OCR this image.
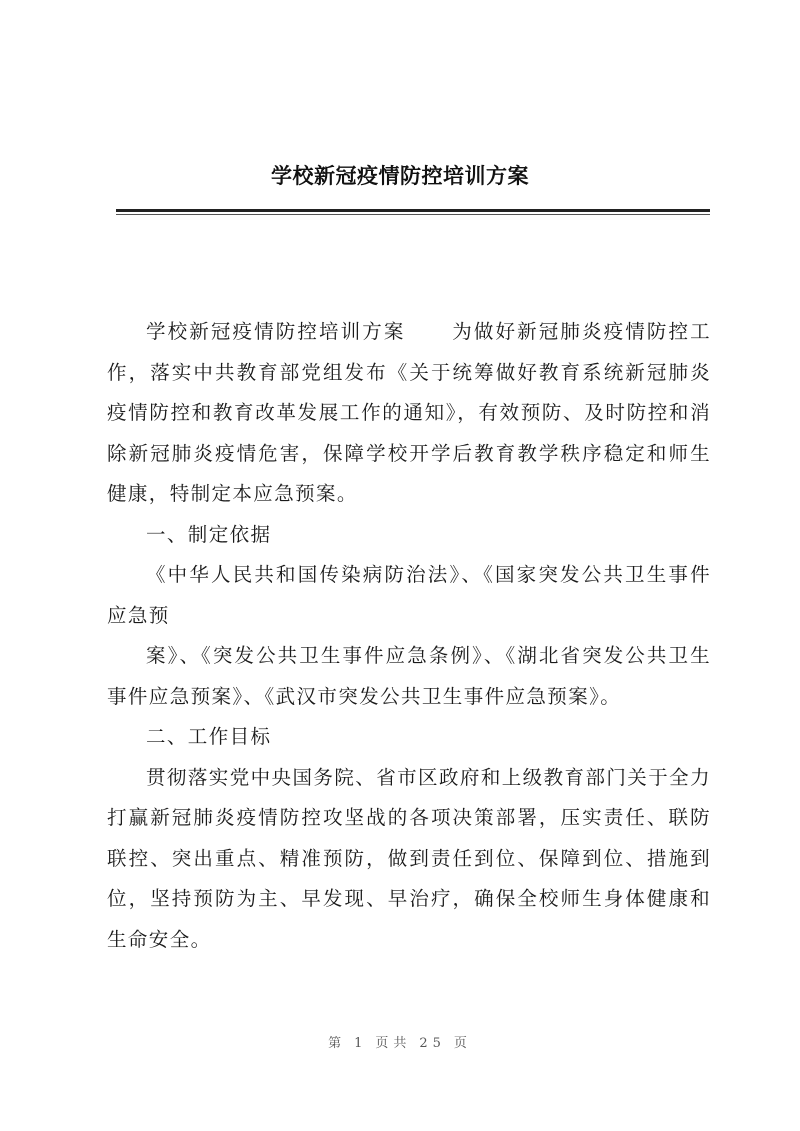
学校新冠疫情防控培训方案

学校新冠疫情防控培训方案 为做好新冠肺炎疫情防控工作，落实中共教育部党组发布《关于统筹做好教育系统新冠肺炎疫情防控和教育改革发展工作的通知》，有效预防、及时防控和消除新冠肺炎疫情危害，保障学校开学后教育教学秩序稳定和师生健康，特制定本应急预案。

一、制定依据

《中华人民共和国传染病防治法》、《国家突发公共卫生事件应急预

案》、《突发公共卫生事件应急条例》、《湖北省突发公共卫生事件应急预案》、《武汉市突发公共卫生事件应急预案》。

二、工作目标

贯彻落实党中央国务院、省市区政府和上级教育部门关于全力打赢新冠肺炎疫情防控攻坚战的各项决策部署，压实责任、联防联控、突出重点、精准预防，做到责任到位、保障到位、措施到位，坚持预防为主、早发现、早治疗，确保全校师生身体健康和生命安全。

第 1 页共 25 页
